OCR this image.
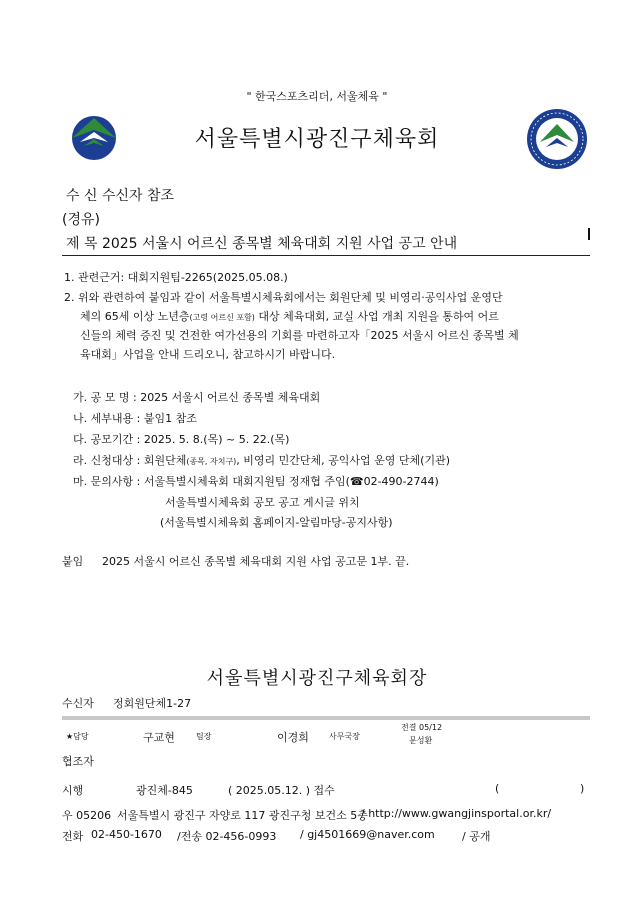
" 한국스포츠리더, 서울체육 "
서울특별시광진구체육회
수 신 수신자 참조
(경유)
제 목 2025 서울시 어르신 종목별 체육대회 지원 사업 공고 안내
1. 관련근거: 대회지원팀-2265(2025.05.08.)
2. 위와 관련하여 붙임과 같이 서울특별시체육회에서는 회원단체 및 비영리·공익사업 운영단
체의 65세 이상 노년층(고령 어르신 포함) 대상 체육대회, 교실 사업 개최 지원을 통하여 어르
신들의 체력 증진 및 건전한 여가선용의 기회를 마련하고자「2025 서울시 어르신 종목별 체
육대회」사업을 안내 드리오니, 참고하시기 바랍니다.
가. 공 모 명 : 2025 서울시 어르신 종목별 체육대회
나. 세부내용 : 붙임1 참조
다. 공모기간 : 2025. 5. 8.(목) ~ 5. 22.(목)
라. 신청대상 : 회원단체(종목, 자치구), 비영리 민간단체, 공익사업 운영 단체(기관)
마. 문의사항 : 서울특별시체육회 대회지원팀 정재협 주임(☎02-490-2744)
서울특별시체육회 공모 공고 게시글 위치
(서울특별시체육회 홈페이지-알림마당-공지사항)
붙임 2025 서울시 어르신 종목별 체육대회 지원 사업 공고문 1부. 끝.
서울특별시광진구체육회장
수신자 정회원단체1-27
★담당	구교현	팀장	이경희	사무국장
전결 05/12
문성환
협조자
시행	광진체-845	( 2025.05.12. ) 접수	(	)
우 05206 서울특별시 광진구 자양로 117 광진구청 보건소 5층
/ http://www.gwangjinsportal.or.kr/
전화 02-450-1670 /전송 02-456-0993 / gj4501669@naver.com / 공개
